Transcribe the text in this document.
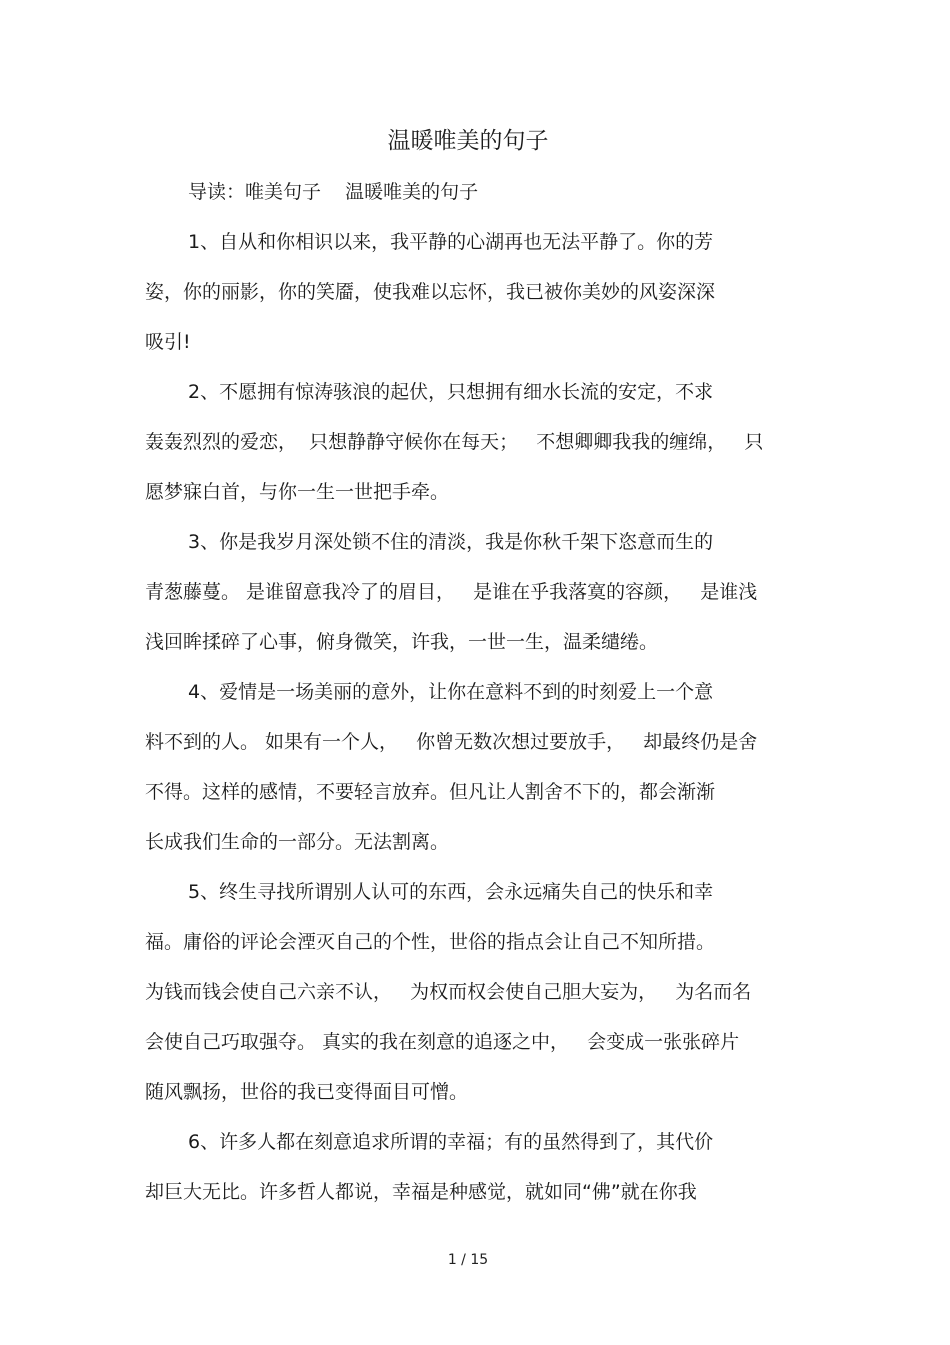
温暖唯美的句子
导读：唯美句子    温暖唯美的句子
1、自从和你相识以来，我平静的心湖再也无法平静了。你的芳
姿，你的丽影，你的笑靥，使我难以忘怀，我已被你美妙的风姿深深
吸引!
2、不愿拥有惊涛骇浪的起伏，只想拥有细水长流的安定，不求
轰轰烈烈的爱恋，  只想静静守候你在每天；   不想卿卿我我的缠绵，   只
愿梦寐白首，与你一生一世把手牵。
3、你是我岁月深处锁不住的清淡，我是你秋千架下恣意而生的
青葱藤蔓。 是谁留意我冷了的眉目，   是谁在乎我落寞的容颜，   是谁浅
浅回眸揉碎了心事，俯身微笑，许我，一世一生，温柔缱绻。
4、爱情是一场美丽的意外，让你在意料不到的时刻爱上一个意
料不到的人。 如果有一个人，   你曾无数次想过要放手，   却最终仍是舍
不得。这样的感情，不要轻言放弃。但凡让人割舍不下的，都会渐渐
长成我们生命的一部分。无法割离。
5、终生寻找所谓别人认可的东西，会永远痛失自己的快乐和幸
福。庸俗的评论会湮灭自己的个性，世俗的指点会让自己不知所措。
为钱而钱会使自己六亲不认，   为权而权会使自己胆大妄为，   为名而名
会使自己巧取强夺。 真实的我在刻意的追逐之中，   会变成一张张碎片
随风飘扬，世俗的我已变得面目可憎。
6、许多人都在刻意追求所谓的幸福；有的虽然得到了，其代价
却巨大无比。许多哲人都说，幸福是种感觉，就如同“佛”就在你我
1 / 15
